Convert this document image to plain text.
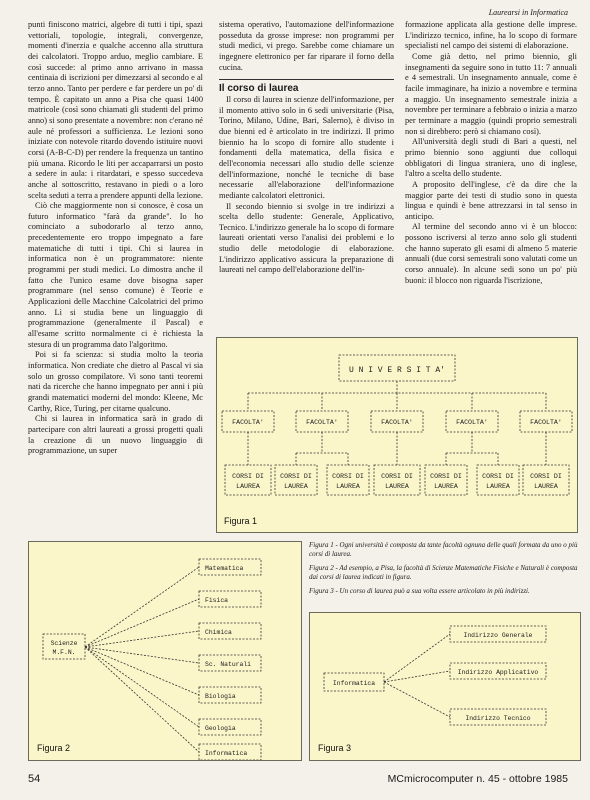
Laurearsi in Informatica

punti finiscono matrici, algebre di tutti i tipi, spazi vettoriali, topologie, integrali, convergenze, momenti d'inerzia e qualche accenno alla struttura dei calcolatori. Troppo arduo, meglio cambiare. E così succede: al primo anno arrivano in massa centinaia di iscrizioni per dimezzarsi al secondo e al terzo anno. Tanto per perdere e far perdere un po' di tempo. È capitato un anno a Pisa che quasi 1400 matricole (così sono chiamati gli studenti del primo anno) si sono presentate a novembre: non c'erano né aule né professori a sufficienza. Le lezioni sono iniziate con notevole ritardo dovendo istituire nuovi corsi (A-B-C-D) per rendere la frequenza un tantino più umana. Ricordo le liti per accaparrarsi un posto a sedere in aula: i ritardatari, e spesso succedeva anche al sottoscritto, restavano in piedi o a loro scelta seduti a terra a prendere appunti della lezione.

Ciò che maggiormente non si conosce, è cosa un futuro informatico "farà da grande". Io ho cominciato a subodorarlo al terzo anno, precedentemente ero troppo impegnato a fare matematiche di tutti i tipi. Chi si laurea in informatica non è un programmatore: niente programmi per studi medici. Lo dimostra anche il fatto che l'unico esame dove bisogna saper programmare (nel senso comune) è Teorie e Applicazioni delle Macchine Calcolatrici del primo anno. Lì si studia bene un linguaggio di programmazione (generalmente il Pascal) e all'esame scritto normalmente ci è richiesta la stesura di un programma dato l'algoritmo.

Poi si fa scienza: si studia molto la teoria informatica. Non crediate che dietro al Pascal vi sia solo un grosso compilatore. Vi sono tanti teoremi nati da ricerche che hanno impegnato per anni i più grandi matematici moderni del mondo: Kleene, Mc Carthy, Rice, Turing, per citarne qualcuno.

Chi si laurea in informatica sarà in grado di partecipare con altri laureati a grossi progetti quali la creazione di un nuovo linguaggio di programmazione, un super

sistema operativo, l'automazione dell'informazione posseduta da grosse imprese: non programmi per studi medici, vi prego. Sarebbe come chiamare un ingegnere elettronico per far riparare il forno della cucina.

Il corso di laurea

Il corso di laurea in scienze dell'informazione, per il momento attivo solo in 6 sedi universitarie (Pisa, Torino, Milano, Udine, Bari, Salerno), è diviso in due bienni ed è articolato in tre indirizzi. Il primo biennio ha lo scopo di fornire allo studente i fondamenti della matematica, della fisica e dell'economia necessari allo studio delle scienze dell'informazione, nonché le tecniche di base necessarie all'elaborazione dell'informazione mediante calcolatori elettronici.

Il secondo biennio si svolge in tre indirizzi a scelta dello studente: Generale, Applicativo, Tecnico. L'indirizzo generale ha lo scopo di formare laureati orientati verso l'analisi dei problemi e lo studio delle metodologie di elaborazione. L'indirizzo applicativo assicura la preparazione di laureati nel campo dell'elaborazione dell'in-

formazione applicata alla gestione delle imprese. L'indirizzo tecnico, infine, ha lo scopo di formare specialisti nel campo dei sistemi di elaborazione.

Come già detto, nel primo biennio, gli insegnamenti da seguire sono in tutto 11: 7 annuali e 4 semestrali. Un insegnamento annuale, come è facile immaginare, ha inizio a novembre e termina a maggio. Un insegnamento semestrale inizia a novembre per terminare a febbraio o inizia a marzo per terminare a maggio (quindi proprio semestrali non si direbbero: però si chiamano così).

All'università degli studi di Bari a questi, nel primo biennio sono aggiunti due colloqui obbligatori di lingua straniera, uno di inglese, l'altro a scelta dello studente.

A proposito dell'inglese, c'è da dire che la maggior parte dei testi di studio sono in questa lingua e quindi è bene attrezzarsi in tal senso in anticipo.

Al termine del secondo anno vi è un blocco: possono iscriversi al terzo anno solo gli studenti che hanno superato gli esami di almeno 5 materie annuali (due corsi semestrali sono valutati come un corso annuale). In alcune sedi sono un po' più buoni: il blocco non riguarda l'iscrizione,

U N I V E R S I T A'
FACOLTA'	FACOLTA'	FACOLTA'	FACOLTA'	FACOLTA'
CORSI DI
LAUREA
CORSI DI
LAUREA
CORSI DI
LAUREA
CORSI DI
LAUREA
CORSI DI
LAUREA
CORSI DI
LAUREA
CORSI DI
LAUREA
Figura 1
Scienze
M.F.N.
Matematica
Fisica
Chimica
Sc. Naturali
Biologia
Geologia
Informatica
Figura 2

Figura 1 - Ogni università è composta da tante facoltà ognuna delle quali formata da uno o più corsi di laurea.

Figura 2 - Ad esempio, a Pisa, la facoltà di Scienze Matematiche Fisiche e Naturali è composta dai corsi di laurea indicati in figura.

Figura 3 - Un corso di laurea può a sua volta essere articolato in più indirizzi.

Informatica
Indirizzo Generale
Indirizzo Applicativo
Indirizzo Tecnico
Figura 3
54	MCmicrocomputer n. 45 - ottobre 1985
